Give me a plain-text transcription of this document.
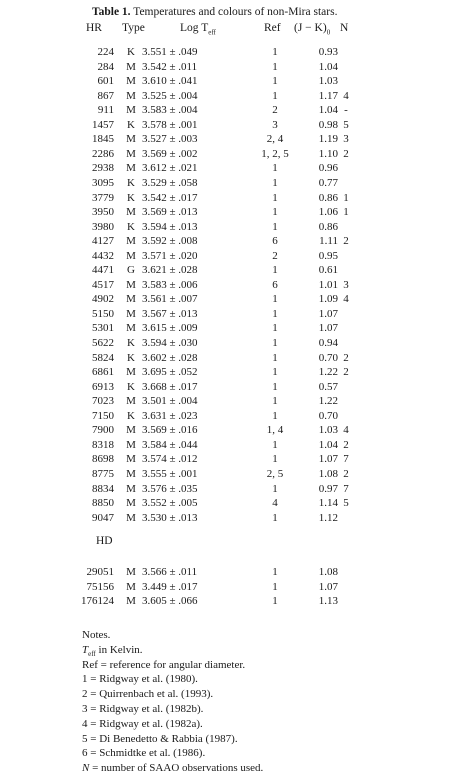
Table 1. Temperatures and colours of non-Mira stars.
HR Type	Log $T_{eff}$	Ref $(J - K)_0$ N
224 K 3.551 ± .049	1	0.93
284 M 3.542 ± .011	1	1.04
601 M 3.610 ± .041	1	1.03
867 M 3.525 ± .004	1	1.17 4
911 M 3.583 ± .004	2	1.04 -
1457 K 3.578 ± .001	3	0.98 5
1845 M 3.527 ± .003	2, 4	1.19 3
2286 M 3.569 ± .002	1, 2, 5	1.10 2
2938 M 3.612 ± .021	1	0.96
3095 K 3.529 ± .058	1	0.77
3779 K 3.542 ± .017	1	0.86 1
3950 M 3.569 ± .013	1	1.06 1
3980 K 3.594 ± .013	1	0.86
4127 M 3.592 ± .008	6	1.11 2
4432 M 3.571 ± .020	2	0.95
4471 G 3.621 ± .028	1	0.61
4517 M 3.583 ± .006	6	1.01 3
4902 M 3.561 ± .007	1	1.09 4
5150 M 3.567 ± .013	1	1.07
5301 M 3.615 ± .009	1	1.07
5622 K 3.594 ± .030	1	0.94
5824 K 3.602 ± .028	1	0.70 2
6861 M 3.695 ± .052	1	1.22 2
6913 K 3.668 ± .017	1	0.57
7023 M 3.501 ± .004	1	1.22
7150 K 3.631 ± .023	1	0.70
7900 M 3.569 ± .016	1, 4	1.03 4
8318 M 3.584 ± .044	1	1.04 2
8698 M 3.574 ± .012	1	1.07 7
8775 M 3.555 ± .001	2, 5	1.08 2
8834 M 3.576 ± .035	1	0.97 7
8850 M 3.552 ± .005	4	1.14 5
9047 M 3.530 ± .013	1	1.12
HD
29051 M 3.566 ± .011	1	1.08
75156 M 3.449 ± .017	1	1.07
176124 M 3.605 ± .066	1	1.13
Notes.
$T_{eff}$ in Kelvin.
Ref = reference for angular diameter.
1 = Ridgway et al. (1980).
2 = Quirrenbach et al. (1993).
3 = Ridgway et al. (1982b).
4 = Ridgway et al. (1982a).
5 = Di Benedetto & Rabbia (1987).
6 = Schmidtke et al. (1986).
N = number of SAAO observations used.
